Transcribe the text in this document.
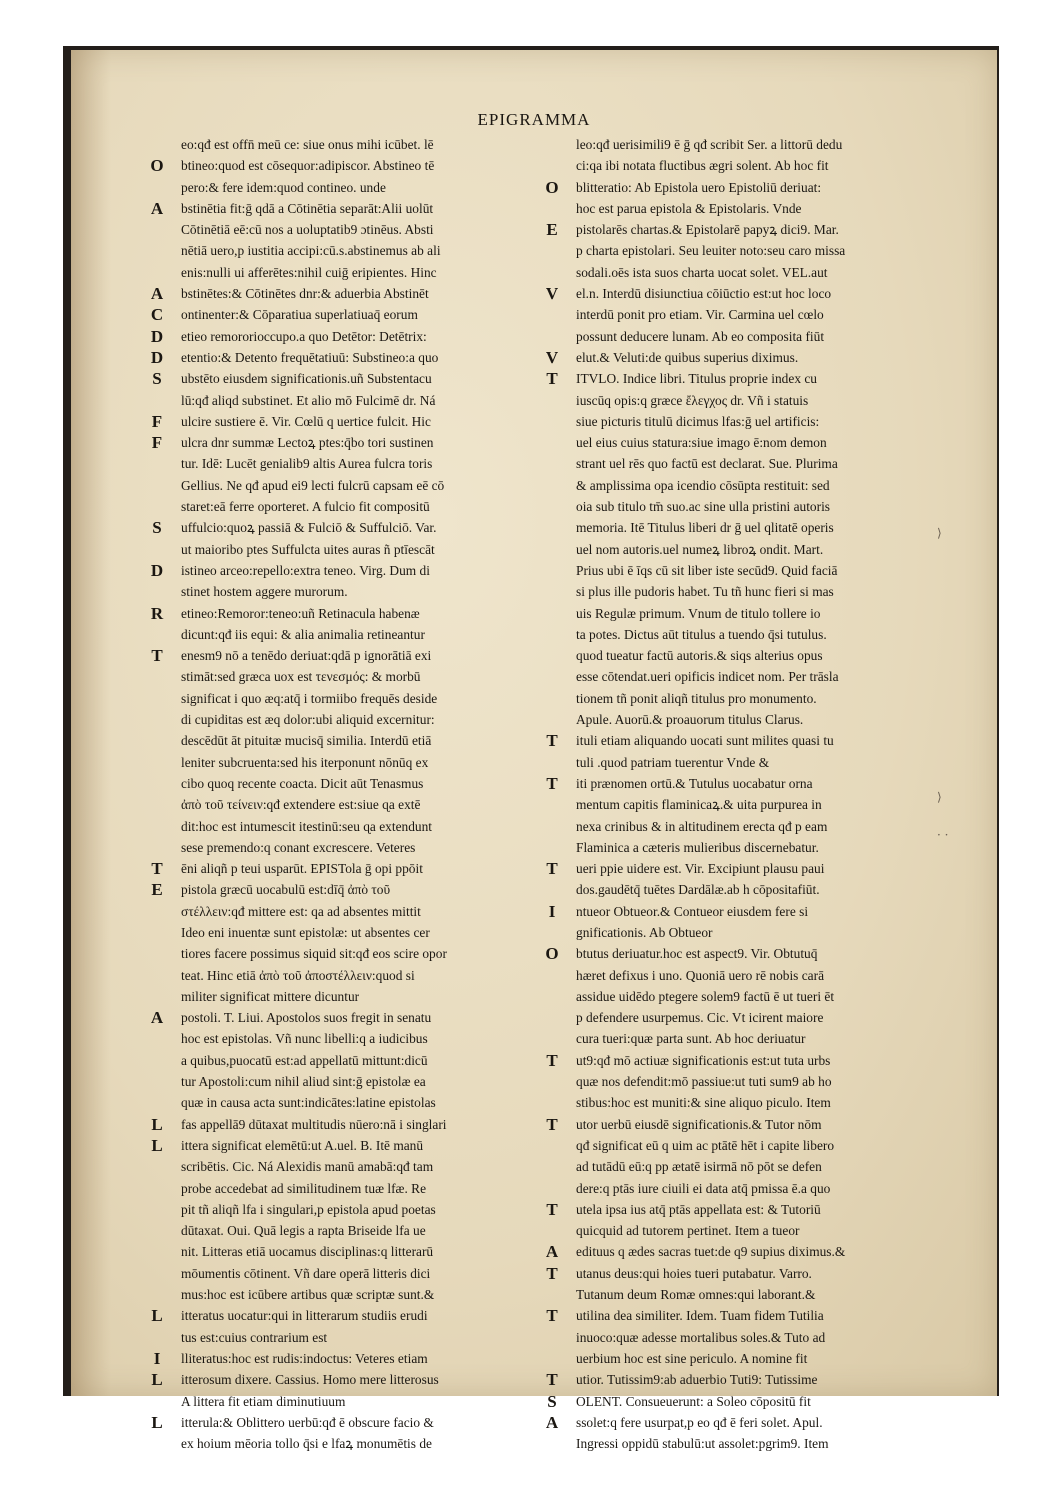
EPIGRAMMA
eo:qđ est offn̄ meū ce: siue onus mihi icūbet. lē
O btineo:quod est cōsequor:adipiscor. Abstineo tē
pero:& fere idem:quod contineo. unde
A bstinētia fit:ḡ qdā a Cōtinētia separāt:Alii uolūt
Cōtinētiā eē:cū nos a uoluptatib9 ɔtinēus. Absti
nētiā uero,p iustitia accipi:cū.s.abstinemus ab ali
enis:nulli ui afferētes:nihil cuiḡ eripientes. Hinc
A bstinētes:& Cōtinētes dnr:& aduerbia Abstinēt
C ontinenter:& Cōparatiua superlatiuaq̄ eorum
D etieo remororioccupo.a quo Detētor: Detētrix:
D etentio:& Detento frequētatiuū: Substineo:a quo
S	ubstēto eiusdem significationis.uñ Substentacu
lū:qđ aliqd substinet. Et alio mō Fulcimē dr. Ná
F	ulcire sustiere ē. Vir. Cœlū q uertice fulcit. Hic
F	ulcra dnr summæ Lectoꝝ ptes:q̄bo tori sustinen
tur. Idē: Lucēt genialib9 altis Aurea fulcra toris
Gellius. Ne qđ apud ei9 lecti fulcrū capsam eē cō
staret:eā ferre oporteret. A fulcio fit compositū
S	uffulcio:quoꝝ passiā & Fulciō & Suffulciō. Var.
ut maioribo ptes Suffulcta uites auras ñ ptīescāt
D istineo arceo:repello:extra teneo. Virg. Dum di
stinet hostem aggere murorum.
R etineo:Remoror:teneo:uñ Retinacula habenæ
dicunt:qđ iis equi: & alia animalia retineantur
T	enesm9 nō a tenēdo deriuat:qdā p ignorātiā exi
stimāt:sed græca uox est τενεσμός: & morbū
significat i quo æq:atq̄ i tormiibo frequēs deside
di cupiditas est æq dolor:ubi aliquid excernitur:
descēdūt āt pituitæ mucisq̄ similia. Interdū etiā
leniter subcruenta:sed his iterponunt nōnūq ex
cibo quoq recente coacta. Dicit aūt Tenasmus
ἀπὸ τοῦ τείνειν:qđ extendere est:siue ɋa extē
dit:hoc est intumescit itestinū:seu ɋa extendunt
sese premendo:q conant excrescere. Veteres
T	ēni aliqñ p teui usparūt. EPISTola ḡ opi ppōit
E	pistola græcū uocabulū est:dīq̄ ἀπὸ τοῦ
στέλλειν:qđ mittere est: qa ad absentes mittit
Ideo eni inuentæ sunt epistolæ: ut absentes cer
tiores facere possimus siquid sit:qđ eos scire opor
teat. Hinc etiā ἀπὸ τοῦ ἀποστέλλειν:quod si
militer significat mittere dicuntur
A postoli. T. Liui. Apostolos suos fregit in senatu
hoc est epistolas. Vñ nunc libelli:q a iudicibus
a quibus,puocatū est:ad appellatū mittunt:dicū
tur Apostoli:cum nihil aliud sint:ḡ epistolæ ea
quæ in causa acta sunt:indicātes:latine epistolas
L	fas appellā9 dūtaxat multitudis nūero:nā i singlari
L	ittera significat elemētū:ut A.uel. B. Itē manū
scribētis. Cic. Ná Alexidis manū amabā:qđ tam
probe accedebat ad similitudinem tuæ lfæ. Re
pit tñ aliqñ lfa i singulari,p epistola apud poetas
dūtaxat. Oui. Quā legis a rapta Briseide lfa ue
nit. Litteras etiā uocamus disciplinas:q litterarū
mōumentis cōtinent. Vñ dare operā litteris dici
mus:hoc est icūbere artibus quæ scriptæ sunt.&
L	itteratus uocatur:qui in litterarum studiis erudi
tus est:cuius contrarium est
I	lliteratus:hoc est rudis:indoctus: Veteres etiam
L	itterosum dixere. Cassius. Homo mere litterosus
A littera fit etiam diminutiuum
L	itterula:& Oblittero uerbū:qđ ē obscure facio &
ex hoium mēoria tollo q̄si e lfaꝝ monumētis de
leo:qđ uerisimili9 ē ḡ qđ scribit Ser. a littorū dedu
ci:qa ibi notata fluctibus ægri solent. Ab hoc fit
O blitteratio: Ab Epistola uero Epistoliū deriuat:
hoc est parua epistola & Epistolaris. Vnde
E	pistolarēs chartas.& Epistolarē papyꝝ dici9. Mar.
p charta epistolari. Seu leuiter noto:seu caro missa
sodali.oēs ista suos charta uocat solet. VEL.aut
V el.n. Interdū disiunctiua cōiūctio est:ut hoc loco
interdū ponit pro etiam. Vir. Carmina uel cœlo
possunt deducere lunam. Ab eo composita fiūt
V elut.& Veluti:de quibus superius diximus.
T	ITVLO. Indice libri. Titulus proprie index cu
iuscūq opis:q græce ἔλεγχος dr. Vñ i statuis
siue picturis titulū dicimus lfas:ḡ uel artificis:
uel eius cuius statura:siue imago ē:nom demon
strant uel rēs quo factū est declarat. Sue. Plurima
& amplissima opa icendio cōsūpta restituit: sed
oia sub titulo tm̄ suo.ac sine ulla pristini autoris
memoria. Itē Titulus liberi dr ḡ uel qlitatē operis
uel nom autoris.uel numeꝝ libroꝝ ondit. Mart.
Prius ubi ē īqs cū sit liber iste secūd9. Quid faciā
si plus ille pudoris habet. Tu tñ hunc fieri si mas
uis Regulæ primum. Vnum de titulo tollere io
ta potes. Dictus aūt titulus a tuendo q̄si tutulus.
quod tueatur factū autoris.& siqs alterius opus
esse cōtendat.ueri opificis indicet nom. Per trāsla
tionem tñ ponit aliqñ titulus pro monumento.
Apule. Auorū.& proauorum titulus Clarus.
T	ituli etiam aliquando uocati sunt milites quasi tu
tuli .quod patriam tuerentur Vnde &
T	iti prænomen ortū.& Tutulus uocabatur orna
mentum capitis flaminicaꝝ.& uita purpurea in
nexa crinibus & in altitudinem erecta qđ p eam
Flaminica a cæteris mulieribus discernebatur.
T	ueri ppie uidere est. Vir. Excipiunt plausu paui
dos.gaudētq̄ tuētes Dardālæ.ab h cōpositafiūt.
I	ntueor Obtueor.& Contueor eiusdem fere si
gnificationis. Ab Obtueor
O btutus deriuatur.hoc est aspect9. Vir. Obtutuq̄
hæret defixus i uno. Quoniā uero rē nobis carā
assidue uidēdo ptegere solem9 factū ē ut tueri ēt
p defendere usurpemus. Cic. Vt icirent maiore
cura tueri:quæ parta sunt. Ab hoc deriuatur
T	ut9:qđ mō actiuæ significationis est:ut tuta urbs
quæ nos defendit:mō passiue:ut tuti sum9 ab ho
stibus:hoc est muniti:& sine aliquo piculo. Item
T	utor uerbū eiusdē significationis.& Tutor nōm
qđ significat eū q uim ac ptātē hēt i capite libero
ad tutādū eū:q pp ætatē isirmā nō pōt se defen
dere:q ptās iure ciuili ei data atq̄ pmissa ē.a quo
T	utela ipsa ius atq̄ ptās appellata est: & Tutoriū
quicquid ad tutorem pertinet. Item a tueor
A edituus q ædes sacras tuet:de q9 supius diximus.&
T	utanus deus:qui hoies tueri putabatur. Varro.
Tutanum deum Romæ omnes:qui laborant.&
T	utilina dea similiter. Idem. Tuam fidem Tutilia
inuoco:quæ adesse mortalibus soles.& Tuto ad
uerbium hoc est sine periculo. A nomine fit
T	utior. Tutissim9:ab aduerbio Tuti9: Tutissime
S	OLENT. Consueuerunt: a Soleo cōpositū fit
A ssolet:q fere usurpat,p eo qđ ē feri solet. Apul.
Ingressi oppidū stabulū:ut assolet:pgrim9. Item
⟩
⟩
· ·
